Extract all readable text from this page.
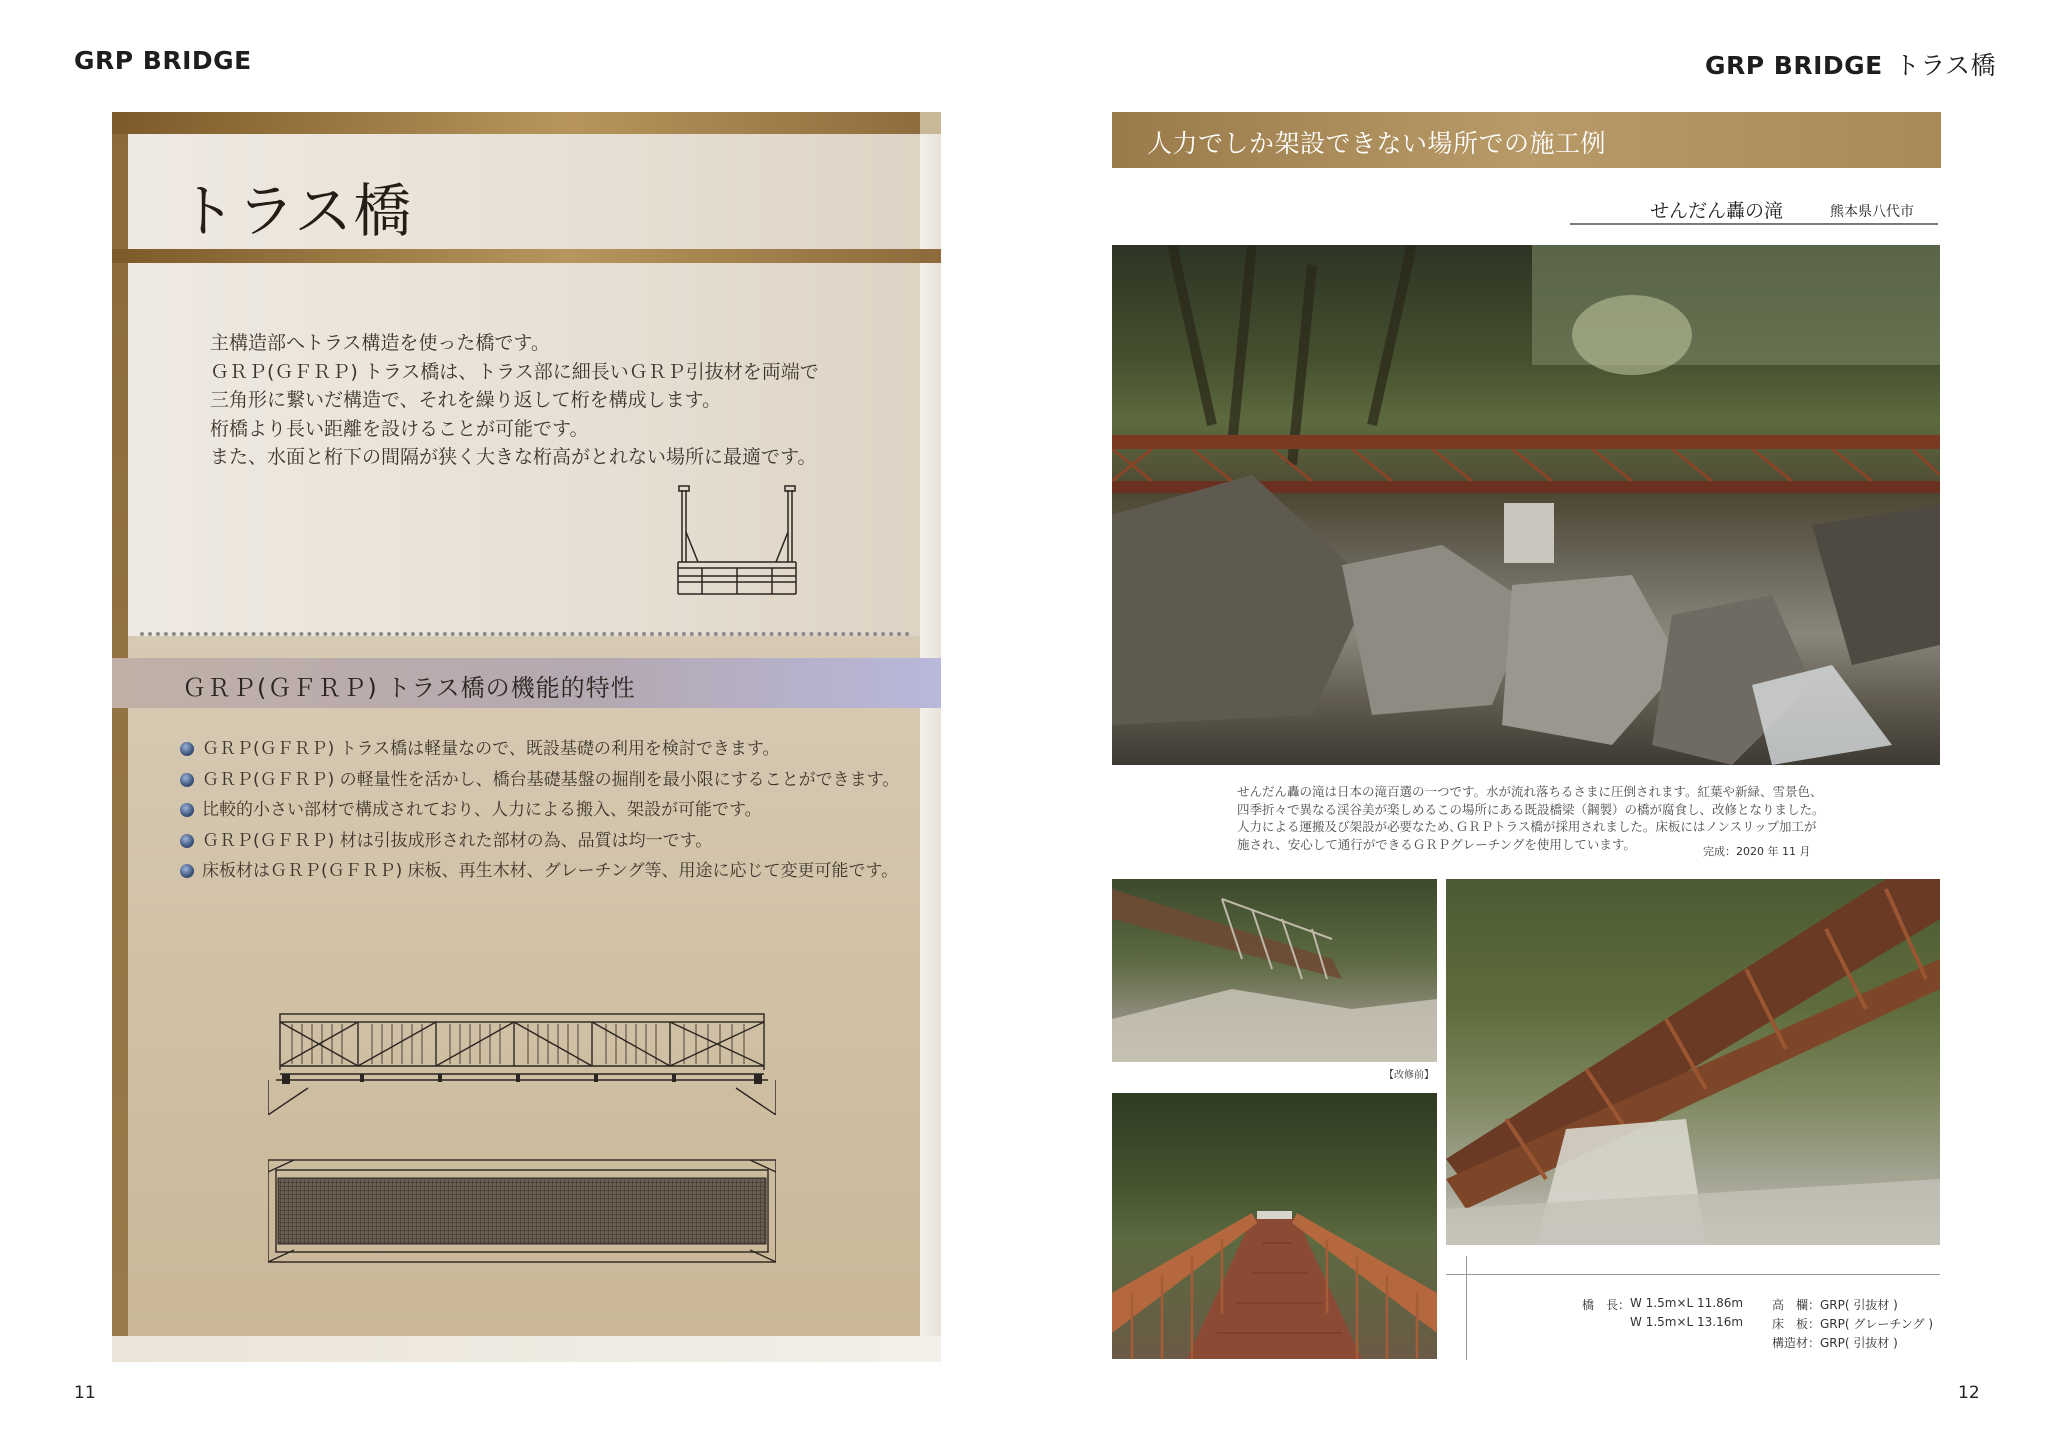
GRP BRIDGE	GRP BRIDGE トラス橋
トラス橋
主構造部へトラス構造を使った橋です。
ＧＲＰ(ＧＦＲＰ) トラス橋は、トラス部に細長いＧＲＰ引抜材を両端で
三角形に繋いだ構造で、それを繰り返して桁を構成します。
桁橋より長い距離を設けることが可能です。
また、水面と桁下の間隔が狭く大きな桁高がとれない場所に最適です。
ＧＲＰ(ＧＦＲＰ) トラス橋の機能的特性
ＧＲＰ(ＧＦＲＰ) トラス橋は軽量なので、既設基礎の利用を検討できます。
ＧＲＰ(ＧＦＲＰ) の軽量性を活かし、橋台基礎基盤の掘削を最小限にすることができます。
比較的小さい部材で構成されており、人力による搬入、架設が可能です。
ＧＲＰ(ＧＦＲＰ) 材は引抜成形された部材の為、品質は均一です。
床板材はＧＲＰ(ＧＦＲＰ) 床板、再生木材、グレーチング等、用途に応じて変更可能です。
11
人力でしか架設できない場所での施工例
せんだん轟の滝	熊本県八代市
せんだん轟の滝は日本の滝百選の一つです。水が流れ落ちるさまに圧倒されます。紅葉や新緑、雪景色、
四季折々で異なる渓谷美が楽しめるこの場所にある既設橋梁（鋼製）の橋が腐食し、改修となりました。
人力による運搬及び架設が必要なため､ＧＲＰトラス橋が採用されました。床板にはノンスリップ加工が
施され、安心して通行ができるＧＲＰグレーチングを使用しています。	完成：2020 年 11 月
【改修前】
橋　長： W 1.5m×L 11.86m
W 1.5m×L 13.16m
高　欄：GRP( 引抜材 )
床　板：GRP( グレーチング )
構造材：GRP( 引抜材 )
12
